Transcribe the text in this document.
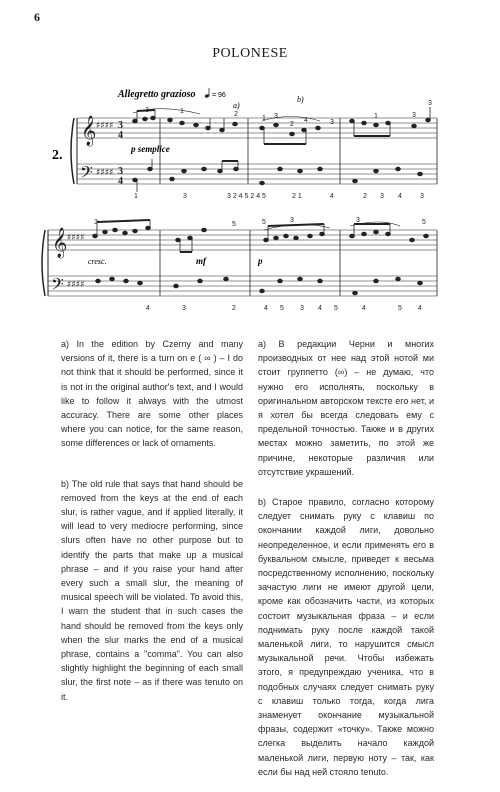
6
POLONESE
Allegretto grazioso = 96
a)
b)
𝄞
𝄢
♯♯♯♯
♯♯♯♯
3
4
3
4
2.	p semplice
3	1	2
1 3
2
4	3
1	3
3
1	3	3 2 4 5 2 4 5	2 1	4	2 3 4	3
𝄞
𝄢
♯♯♯♯
♯♯♯♯
cresc.	mf	p
3	5	5	3	3	5
4	3	2	4 5 3 4 5	4	5 4

a) In the edition by Czerny and many versions of it, there is a turn on e ( ∞ ) – I do not think that it should be performed, since it is not in the original author's text, and I would like to follow it always with the utmost accuracy. There are some other places where you can notice, for the same reason, some differences or lack of ornaments.

b) The old rule that says that hand should be removed from the keys at the end of each slur, is rather vague, and if applied literally, it will lead to very mediocre performing, since slurs often have no other purpose but to identify the parts that make up a musical phrase – and if you raise your hand after every such a small slur, the meaning of musical speech will be violated. To avoid this, I warn the student that in such cases the hand should be removed from the keys only when the slur marks the end of a musical phrase, contains a "comma". You can also slightly highlight the beginning of each small slur, the first note – as if there was tenuto on it.

a) В редакции Черни и многих производных от нее над этой нотой ми стоит группетто (∞) – не думаю, что нужно его исполнять, поскольку в оригинальном авторском тексте его нет, и я хотел бы всегда следовать ему с предельной точностью. Также и в других местах можно заметить, по этой же причине, некоторые различия или отсутствие украшений.

b) Старое правило, согласно которому следует снимать руку с клавиш по окончании каждой лиги, довольно неопределенное, и если применять его в буквальном смысле, приведет к весьма посредственному исполнению, поскольку зачастую лиги не имеют другой цели, кроме как обозначить части, из которых состоит музыкальная фраза – и если поднимать руку после каждой такой маленькой лиги, то нарушится смысл музыкальной речи. Чтобы избежать этого, я предупреждаю ученика, что в подобных случаях следует снимать руку с клавиш только тогда, когда лига знаменует окончание музыкальной фразы, содержит «точку». Также можно слегка выделить начало каждой маленькой лиги, первую ноту – так, как если бы над ней стояло tenuto.
